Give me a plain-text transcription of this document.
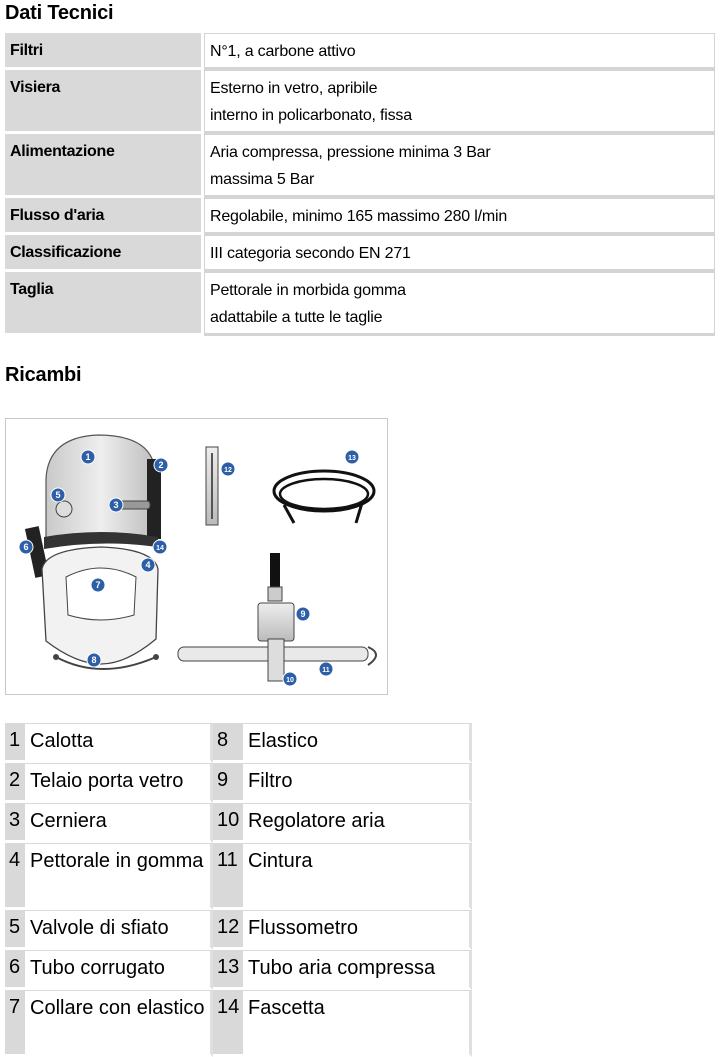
Dati Tecnici
Filtri	N°1, a carbone attivo

Visiera	Esterno in vetro, apribile
interno in policarbonato, fissa

Alimentazione	Aria compressa, pressione minima 3 Bar
massima 5 Bar

Flusso d'aria	Regolabile, minimo 165 massimo 280 l/min

Classificazione	III categoria secondo EN 271

Taglia	Pettorale in morbida gomma
adattabile a tutte le taglie
Ricambi
1
2
3
4
5
6
7
8
9
10
11
12
13
14
1	Calotta	8	Elastico
2	Telaio porta vetro	9	Filtro
3	Cerniera	10	Regolatore aria
4	Pettorale in gomma	11	Cintura
5	Valvole di sfiato	12	Flussometro
6	Tubo corrugato	13	Tubo aria compressa
7	Collare con elastico	14	Fascetta
